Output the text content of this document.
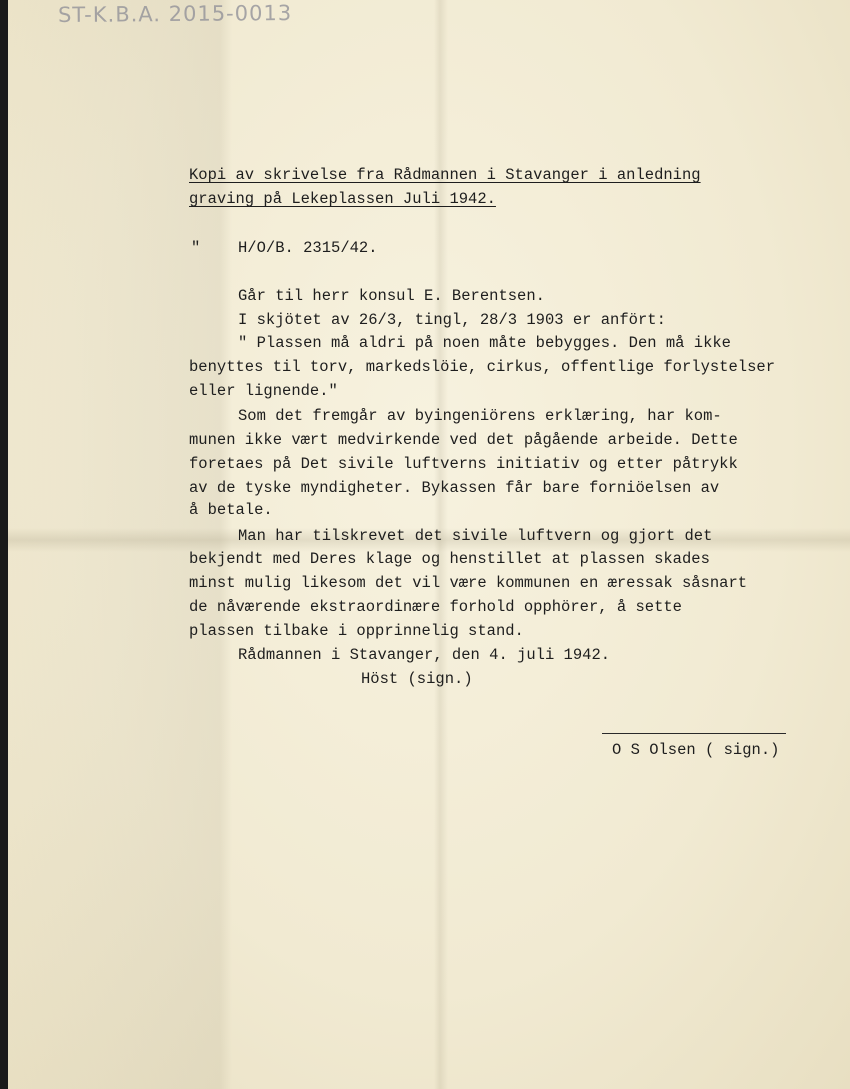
ST-K.B.A. 2015-0013
Kopi av skrivelse fra Rådmannen i Stavanger i anledning
graving på Lekeplassen Juli 1942.
" H/O/B. 2315/42.
Går til herr konsul E. Berentsen.
I skjötet av 26/3, tingl, 28/3 1903 er anfört:
" Plassen må aldri på noen måte bebygges. Den må ikke
benyttes til torv, markedslöie, cirkus, offentlige forlystelser
eller lignende."
Som det fremgår av byingeniörens erklæring, har kom-
munen ikke vært medvirkende ved det pågående arbeide. Dette
foretaes på Det sivile luftverns initiativ og etter påtrykk
av de tyske myndigheter. Bykassen får bare forniöelsen av
å betale.
Man har tilskrevet det sivile luftvern og gjort det
bekjendt med Deres klage og henstillet at plassen skades
minst mulig likesom det vil være kommunen en æressak såsnart
de nåværende ekstraordinære forhold opphörer, å sette
plassen tilbake i opprinnelig stand.
Rådmannen i Stavanger, den 4. juli 1942.
Höst (sign.)
O S Olsen ( sign.)
